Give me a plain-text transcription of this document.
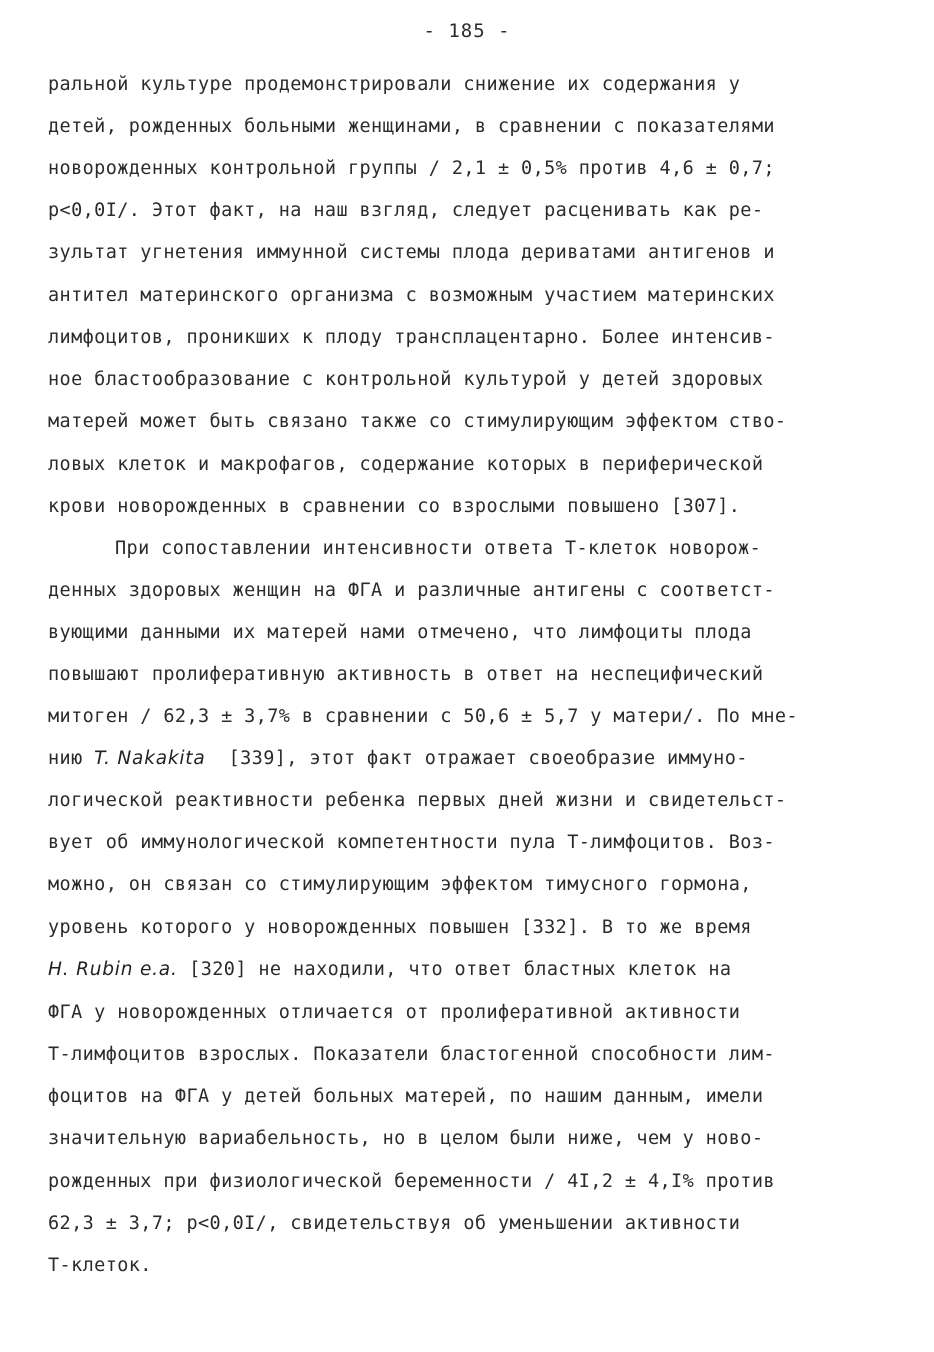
- 185 -
ральной культуре продемонстрировали снижение их содержания у
детей, рожденных больными женщинами, в сравнении с показателями
новорожденных контрольной группы / 2,1 ± 0,5% против 4,6 ± 0,7;
p<0,0I/. Этот факт, на наш взгляд, следует расценивать как ре-
зультат угнетения иммунной системы плода дериватами антигенов и
антител материнского организма с возможным участием материнских
лимфоцитов, проникших к плоду трансплацентарно. Более интенсив-
ное бластообразование с контрольной культурой у детей здоровых
матерей может быть связано также со стимулирующим эффектом ство-
ловых клеток и макрофагов, содержание которых в периферической
крови новорожденных в сравнении со взрослыми повышено [307].
При сопоставлении интенсивности ответа Т-клеток новорож-
денных здоровых женщин на ФГА и различные антигены с соответст-
вующими данными их матерей нами отмечено, что лимфоциты плода
повышают пролиферативную активность в ответ на неспецифический
митоген / 62,3 ± 3,7% в сравнении с 50,6 ± 5,7 у матери/. По мне-
нию T. Nakakita  [339], этот факт отражает своеобразие иммуно-
логической реактивности ребенка первых дней жизни и свидетельст-
вует об иммунологической компетентности пула Т-лимфоцитов. Воз-
можно, он связан со стимулирующим эффектом тимусного гормона,
уровень которого у новорожденных повышен [332]. В то же время
H. Rubin e.a. [320] не находили, что ответ бластных клеток на
ФГА у новорожденных отличается от пролиферативной активности
Т-лимфоцитов взрослых. Показатели бластогенной способности лим-
фоцитов на ФГА у детей больных матерей, по нашим данным, имели
значительную вариабельность, но в целом были ниже, чем у ново-
рожденных при физиологической беременности / 4I,2 ± 4,I% против
62,3 ± 3,7; p<0,0I/, свидетельствуя об уменьшении активности
Т-клеток.
